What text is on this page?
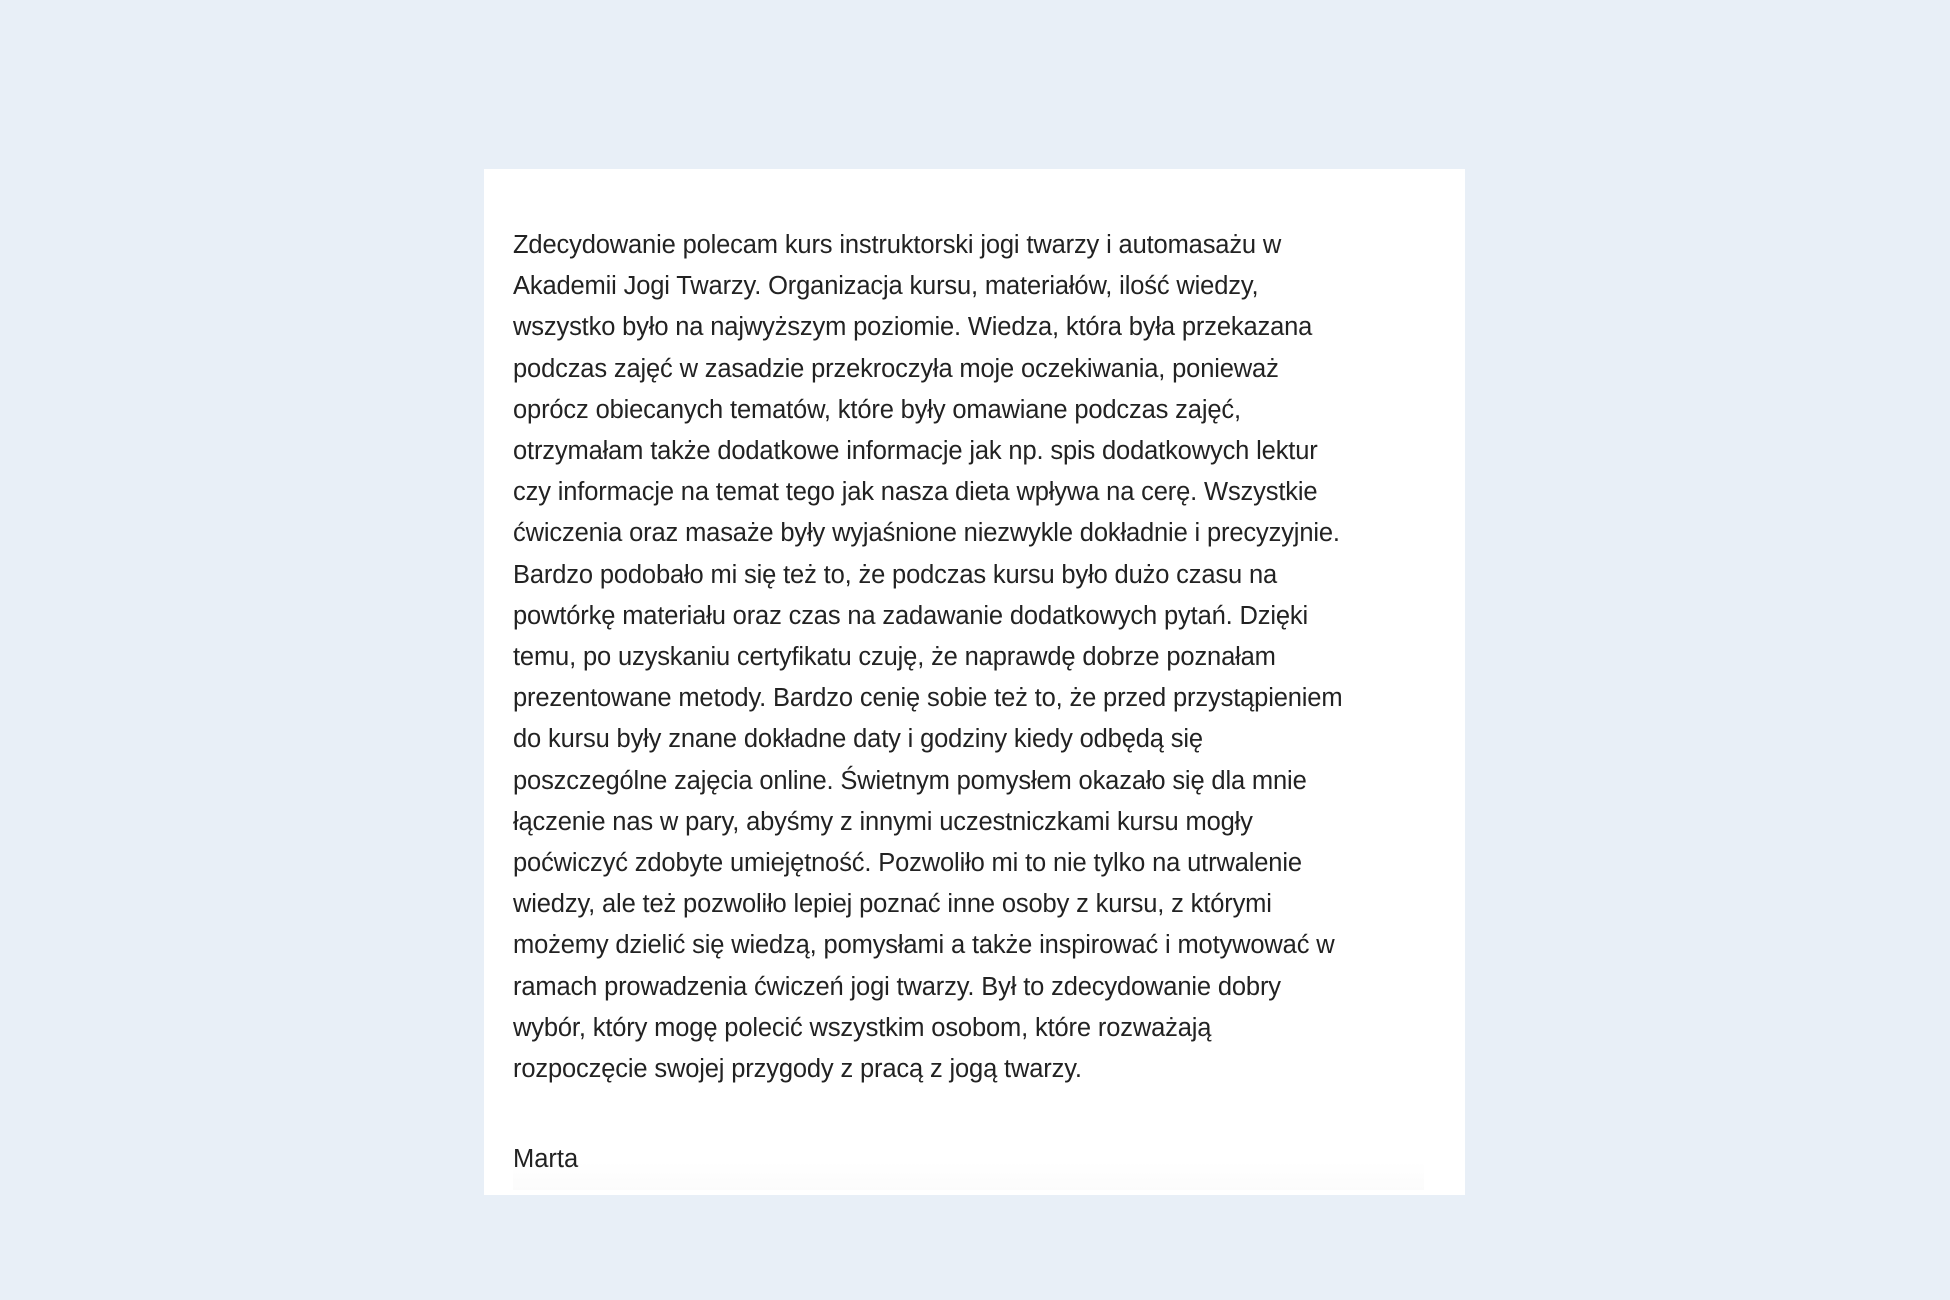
Zdecydowanie polecam kurs instruktorski jogi twarzy i automasażu w
Akademii Jogi Twarzy. Organizacja kursu, materiałów, ilość wiedzy,
wszystko było na najwyższym poziomie. Wiedza, która była przekazana
podczas zajęć w zasadzie przekroczyła moje oczekiwania, ponieważ
oprócz obiecanych tematów, które były omawiane podczas zajęć,
otrzymałam także dodatkowe informacje jak np. spis dodatkowych lektur
czy informacje na temat tego jak nasza dieta wpływa na cerę. Wszystkie
ćwiczenia oraz masaże były wyjaśnione niezwykle dokładnie i precyzyjnie.
Bardzo podobało mi się też to, że podczas kursu było dużo czasu na
powtórkę materiału oraz czas na zadawanie dodatkowych pytań. Dzięki
temu, po uzyskaniu certyfikatu czuję, że naprawdę dobrze poznałam
prezentowane metody. Bardzo cenię sobie też to, że przed przystąpieniem
do kursu były znane dokładne daty i godziny kiedy odbędą się
poszczególne zajęcia online. Świetnym pomysłem okazało się dla mnie
łączenie nas w pary, abyśmy z innymi uczestniczkami kursu mogły
poćwiczyć zdobyte umiejętność. Pozwoliło mi to nie tylko na utrwalenie
wiedzy, ale też pozwoliło lepiej poznać inne osoby z kursu, z którymi
możemy dzielić się wiedzą, pomysłami a także inspirować i motywować w
ramach prowadzenia ćwiczeń jogi twarzy. Był to zdecydowanie dobry
wybór, który mogę polecić wszystkim osobom, które rozważają
rozpoczęcie swojej przygody z pracą z jogą twarzy.
Marta
